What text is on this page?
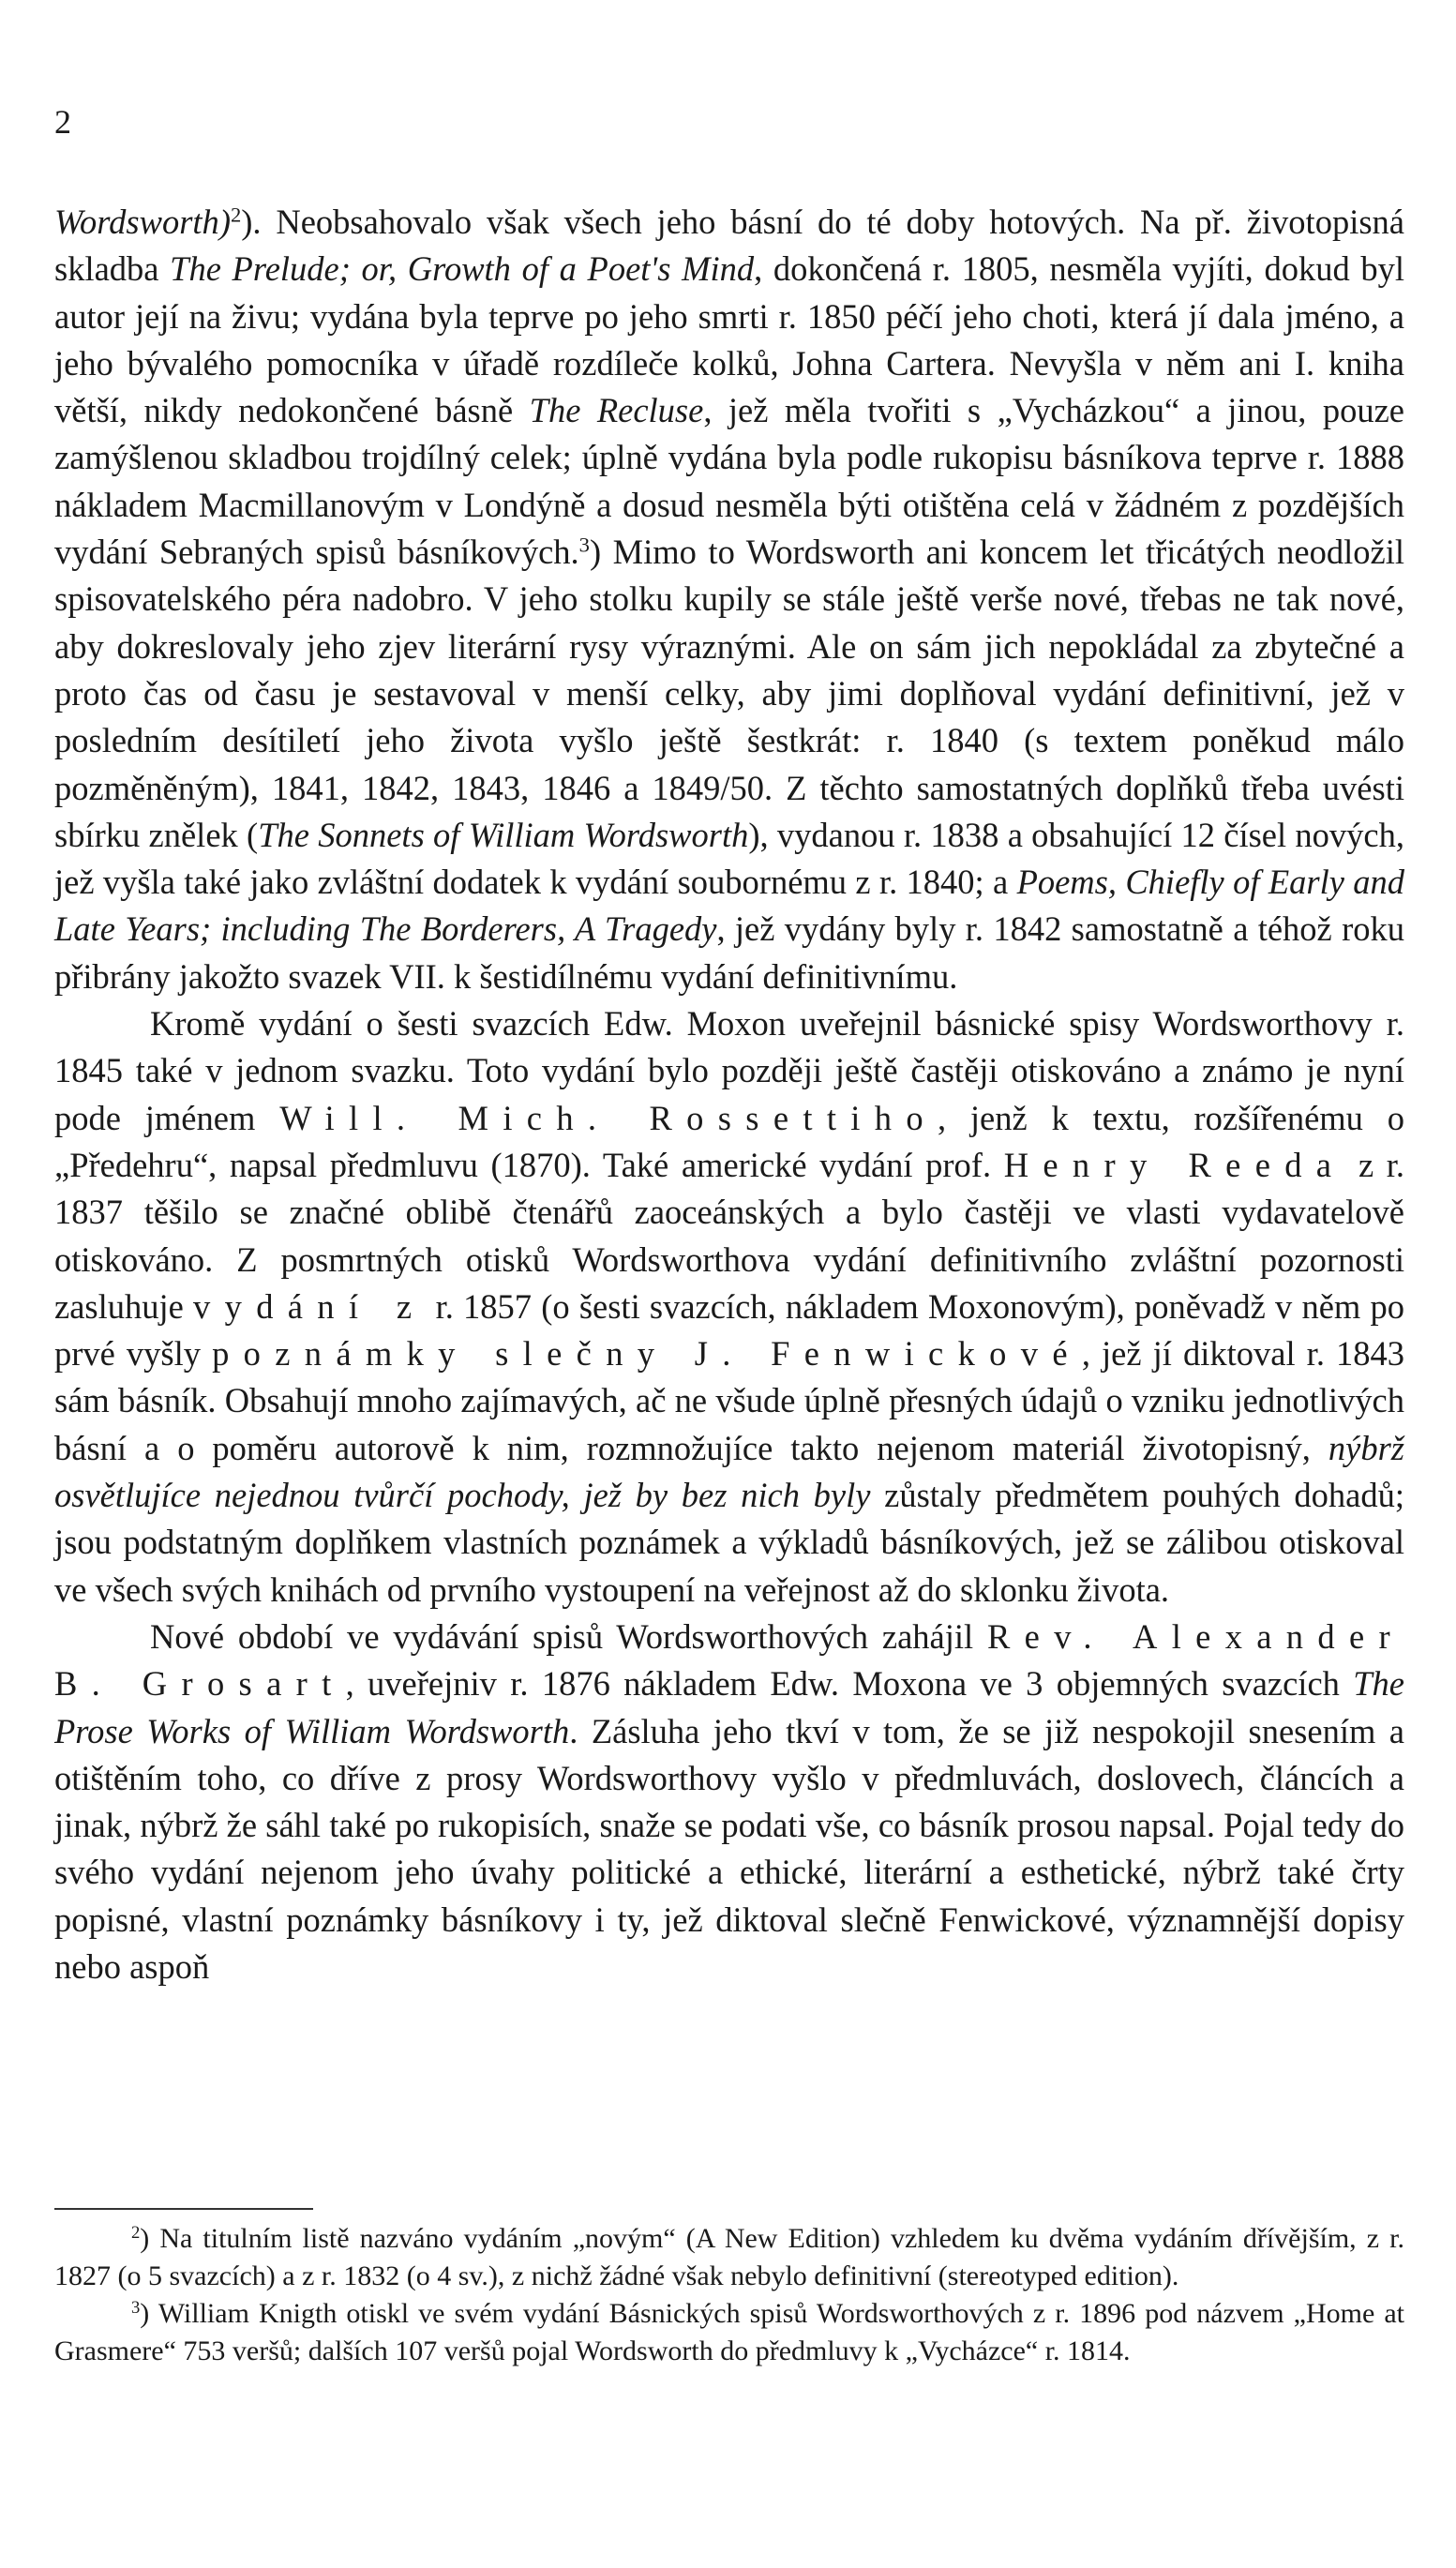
2

Wordsworth)$^2$). Neobsahovalo však všech jeho básní do té doby hotových. Na př. životopisná skladba The Prelude; or, Growth of a Poet's Mind, dokončená r. 1805, nesměla vyjíti, dokud byl autor její na živu; vydána byla teprve po jeho smrti r. 1850 péčí jeho choti, která jí dala jméno, a jeho bývalého pomocníka v úřadě rozdíleče kolků, Johna Cartera. Nevyšla v něm ani I. kniha větší, nikdy nedokončené básně The Recluse, jež měla tvořiti s „Vycházkou“ a jinou, pouze zamýšlenou skladbou trojdílný celek; úplně vydána byla podle rukopisu básníkova teprve r. 1888 nákladem Macmillanovým v Londýně a dosud nesměla býti otištěna celá v žádném z pozdějších vydání Sebraných spisů básníkových.$^3$) Mimo to Wordsworth ani koncem let třicátých neodložil spisovatelského péra nadobro. V jeho stolku kupily se stále ještě verše nové, třebas ne tak nové, aby dokreslovaly jeho zjev literární rysy výraznými. Ale on sám jich nepokládal za zbytečné a proto čas od času je sestavoval v menší celky, aby jimi doplňoval vydání definitivní, jež v posledním desítiletí jeho života vyšlo ještě šestkrát: r. 1840 (s textem poněkud málo pozměněným), 1841, 1842, 1843, 1846 a 1849/50. Z těchto samostatných doplňků třeba uvésti sbírku znělek (The Sonnets of William Wordsworth), vydanou r. 1838 a obsahující 12 čísel nových, jež vyšla také jako zvláštní dodatek k vydání soubornému z r. 1840; a Poems, Chiefly of Early and Late Years; including The Borderers, A Tragedy, jež vydány byly r. 1842 samostatně a téhož roku přibrány jakožto svazek VII. k šestidílnému vydání definitivnímu.

Kromě vydání o šesti svazcích Edw. Moxon uveřejnil básnické spisy Wordsworthovy r. 1845 také v jednom svazku. Toto vydání bylo později ještě častěji otiskováno a známo je nyní pode jménem Will. Mich. Rossettiho, jenž k textu, rozšířenému o „Předehru“, napsal předmluvu (1870). Také americké vydání prof. Henry Reeda z r. 1837 těšilo se značné oblibě čtenářů zaoceánských a bylo častěji ve vlasti vydavatelově otiskováno. Z posmrtných otisků Wordsworthova vydání definitivního zvláštní pozornosti zasluhuje vydání z r. 1857 (o šesti svazcích, nákladem Moxonovým), poněvadž v něm po prvé vyšly poznámky slečny J. Fenwickové, jež jí diktoval r. 1843 sám básník. Obsahují mnoho zajímavých, ač ne všude úplně přesných údajů o vzniku jednotlivých básní a o poměru autorově k nim, rozmnožujíce takto nejenom materiál životopisný, nýbrž osvětlujíce nejednou tvůrčí pochody, jež by bez nich byly zůstaly předmětem pouhých dohadů; jsou podstatným doplňkem vlastních poznámek a výkladů básníkových, jež se zálibou otiskoval ve všech svých knihách od prvního vystoupení na veřejnost až do sklonku života.

Nové období ve vydávání spisů Wordsworthových zahájil Rev. Alexander B. Grosart, uveřejniv r. 1876 nákladem Edw. Moxona ve 3 objemných svazcích The Prose Works of William Wordsworth. Zásluha jeho tkví v tom, že se již nespokojil snesením a otištěním toho, co dříve z prosy Wordsworthovy vyšlo v předmluvách, doslovech, článcích a jinak, nýbrž že sáhl také po rukopisích, snaže se podati vše, co básník prosou napsal. Pojal tedy do svého vydání nejenom jeho úvahy politické a ethické, literární a esthetické, nýbrž také črty popisné, vlastní poznámky básníkovy i ty, jež diktoval slečně Fenwickové, významnější dopisy nebo aspoň

$^2$) Na titulním listě nazváno vydáním „novým“ (A New Edition) vzhledem ku dvěma vydáním dřívějším, z r. 1827 (o 5 svazcích) a z r. 1832 (o 4 sv.), z nichž žádné však nebylo definitivní (stereotyped edition).

$^3$) William Knigth otiskl ve svém vydání Básnických spisů Wordsworthových z r. 1896 pod názvem „Home at Grasmere“ 753 veršů; dalších 107 veršů pojal Wordsworth do předmluvy k „Vycházce“ r. 1814.
